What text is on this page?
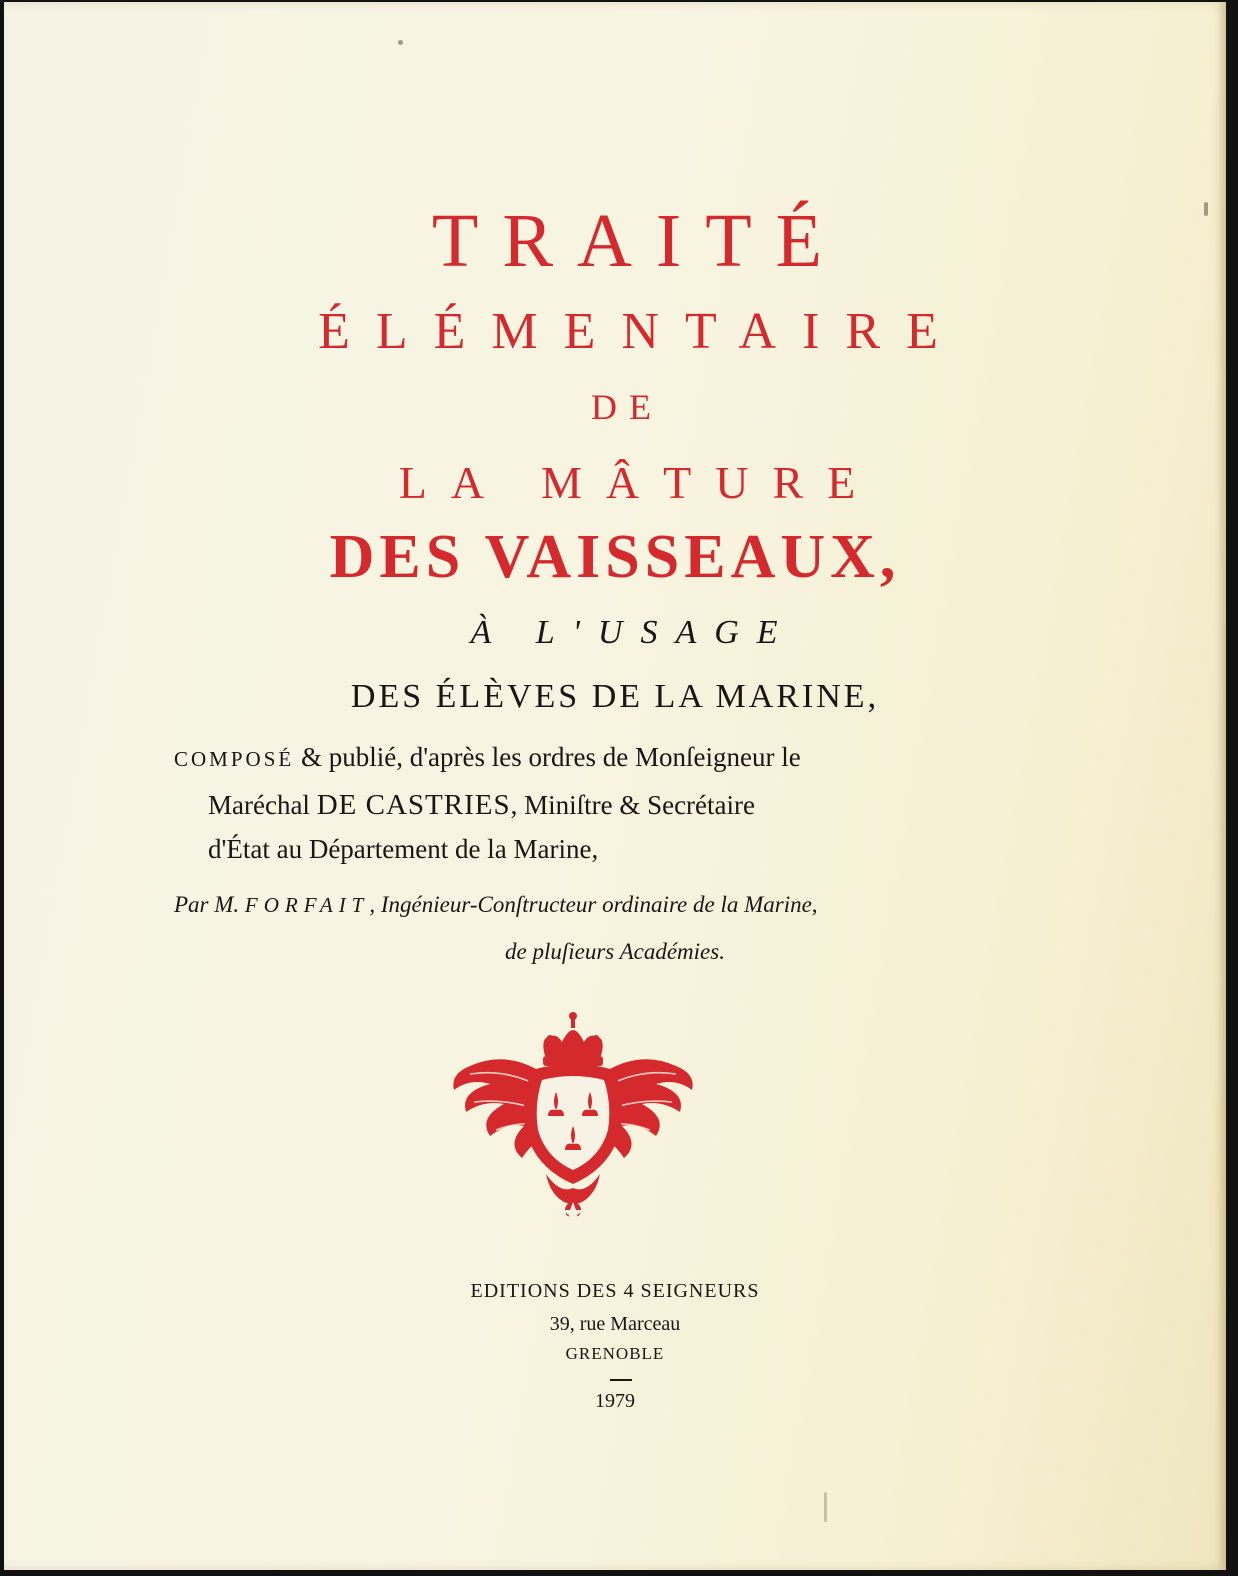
TRAITÉ

ÉLÉMENTAIRE

DE

LA MÂTURE

DES VAISSEAUX,

À L'USAGE

DES ÉLÈVES DE LA MARINE,

COMPOSÉ & publié, d'après les ordres de Monſeigneur le

Maréchal DE CASTRIES, Miniſtre & Secrétaire

d'État au Département de la Marine,

Par M. FORFAIT, Ingénieur-Conſtructeur ordinaire de la Marine,

de pluſieurs Académies.

EDITIONS DES 4 SEIGNEURS

39, rue Marceau

GRENOBLE

1979
